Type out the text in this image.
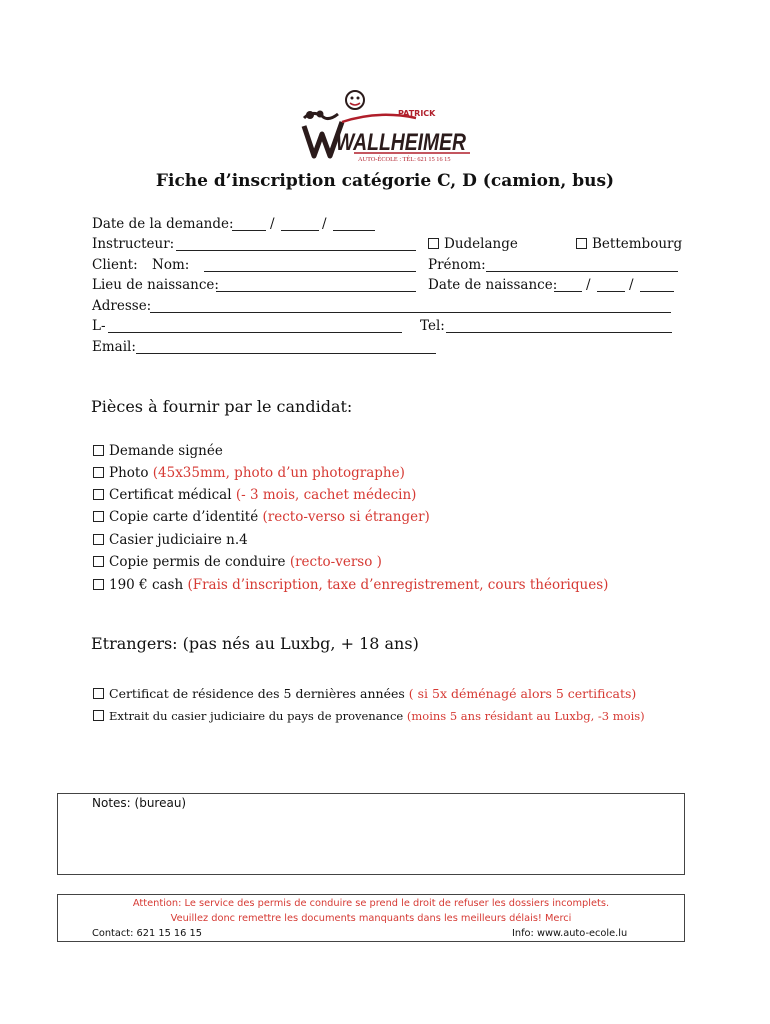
PATRICK
WALLHEIMER
AUTO-ÉCOLE : TÉL: 621 15 16 15
Fiche d’inscription catégorie C, D (camion, bus)
Date de la demande:	/	/
Instructeur:	Dudelange	Bettembourg
Client: Nom:	Prénom:
Lieu de naissance:	Date de naissance: /	/
Adresse:
L-	Tel:
Email:
Pièces à fournir par le candidat:
Demande signée
Photo (45x35mm, photo d’un photographe)
Certificat médical (- 3 mois, cachet médecin)
Copie carte d’identité (recto-verso si étranger)
Casier judiciaire n.4
Copie permis de conduire (recto-verso )
190 € cash (Frais d’inscription, taxe d’enregistrement, cours théoriques)
Etrangers: (pas nés au Luxbg, + 18 ans)
Certificat de résidence des 5 dernières années ( si 5x déménagé alors 5 certificats)
Extrait du casier judiciaire du pays de provenance (moins 5 ans résidant au Luxbg, -3 mois)
Notes: (bureau)
Attention: Le service des permis de conduire se prend le droit de refuser les dossiers incomplets.
Veuillez donc remettre les documents manquants dans les meilleurs délais! Merci
Contact: 621 15 16 15	Info: www.auto-ecole.lu
